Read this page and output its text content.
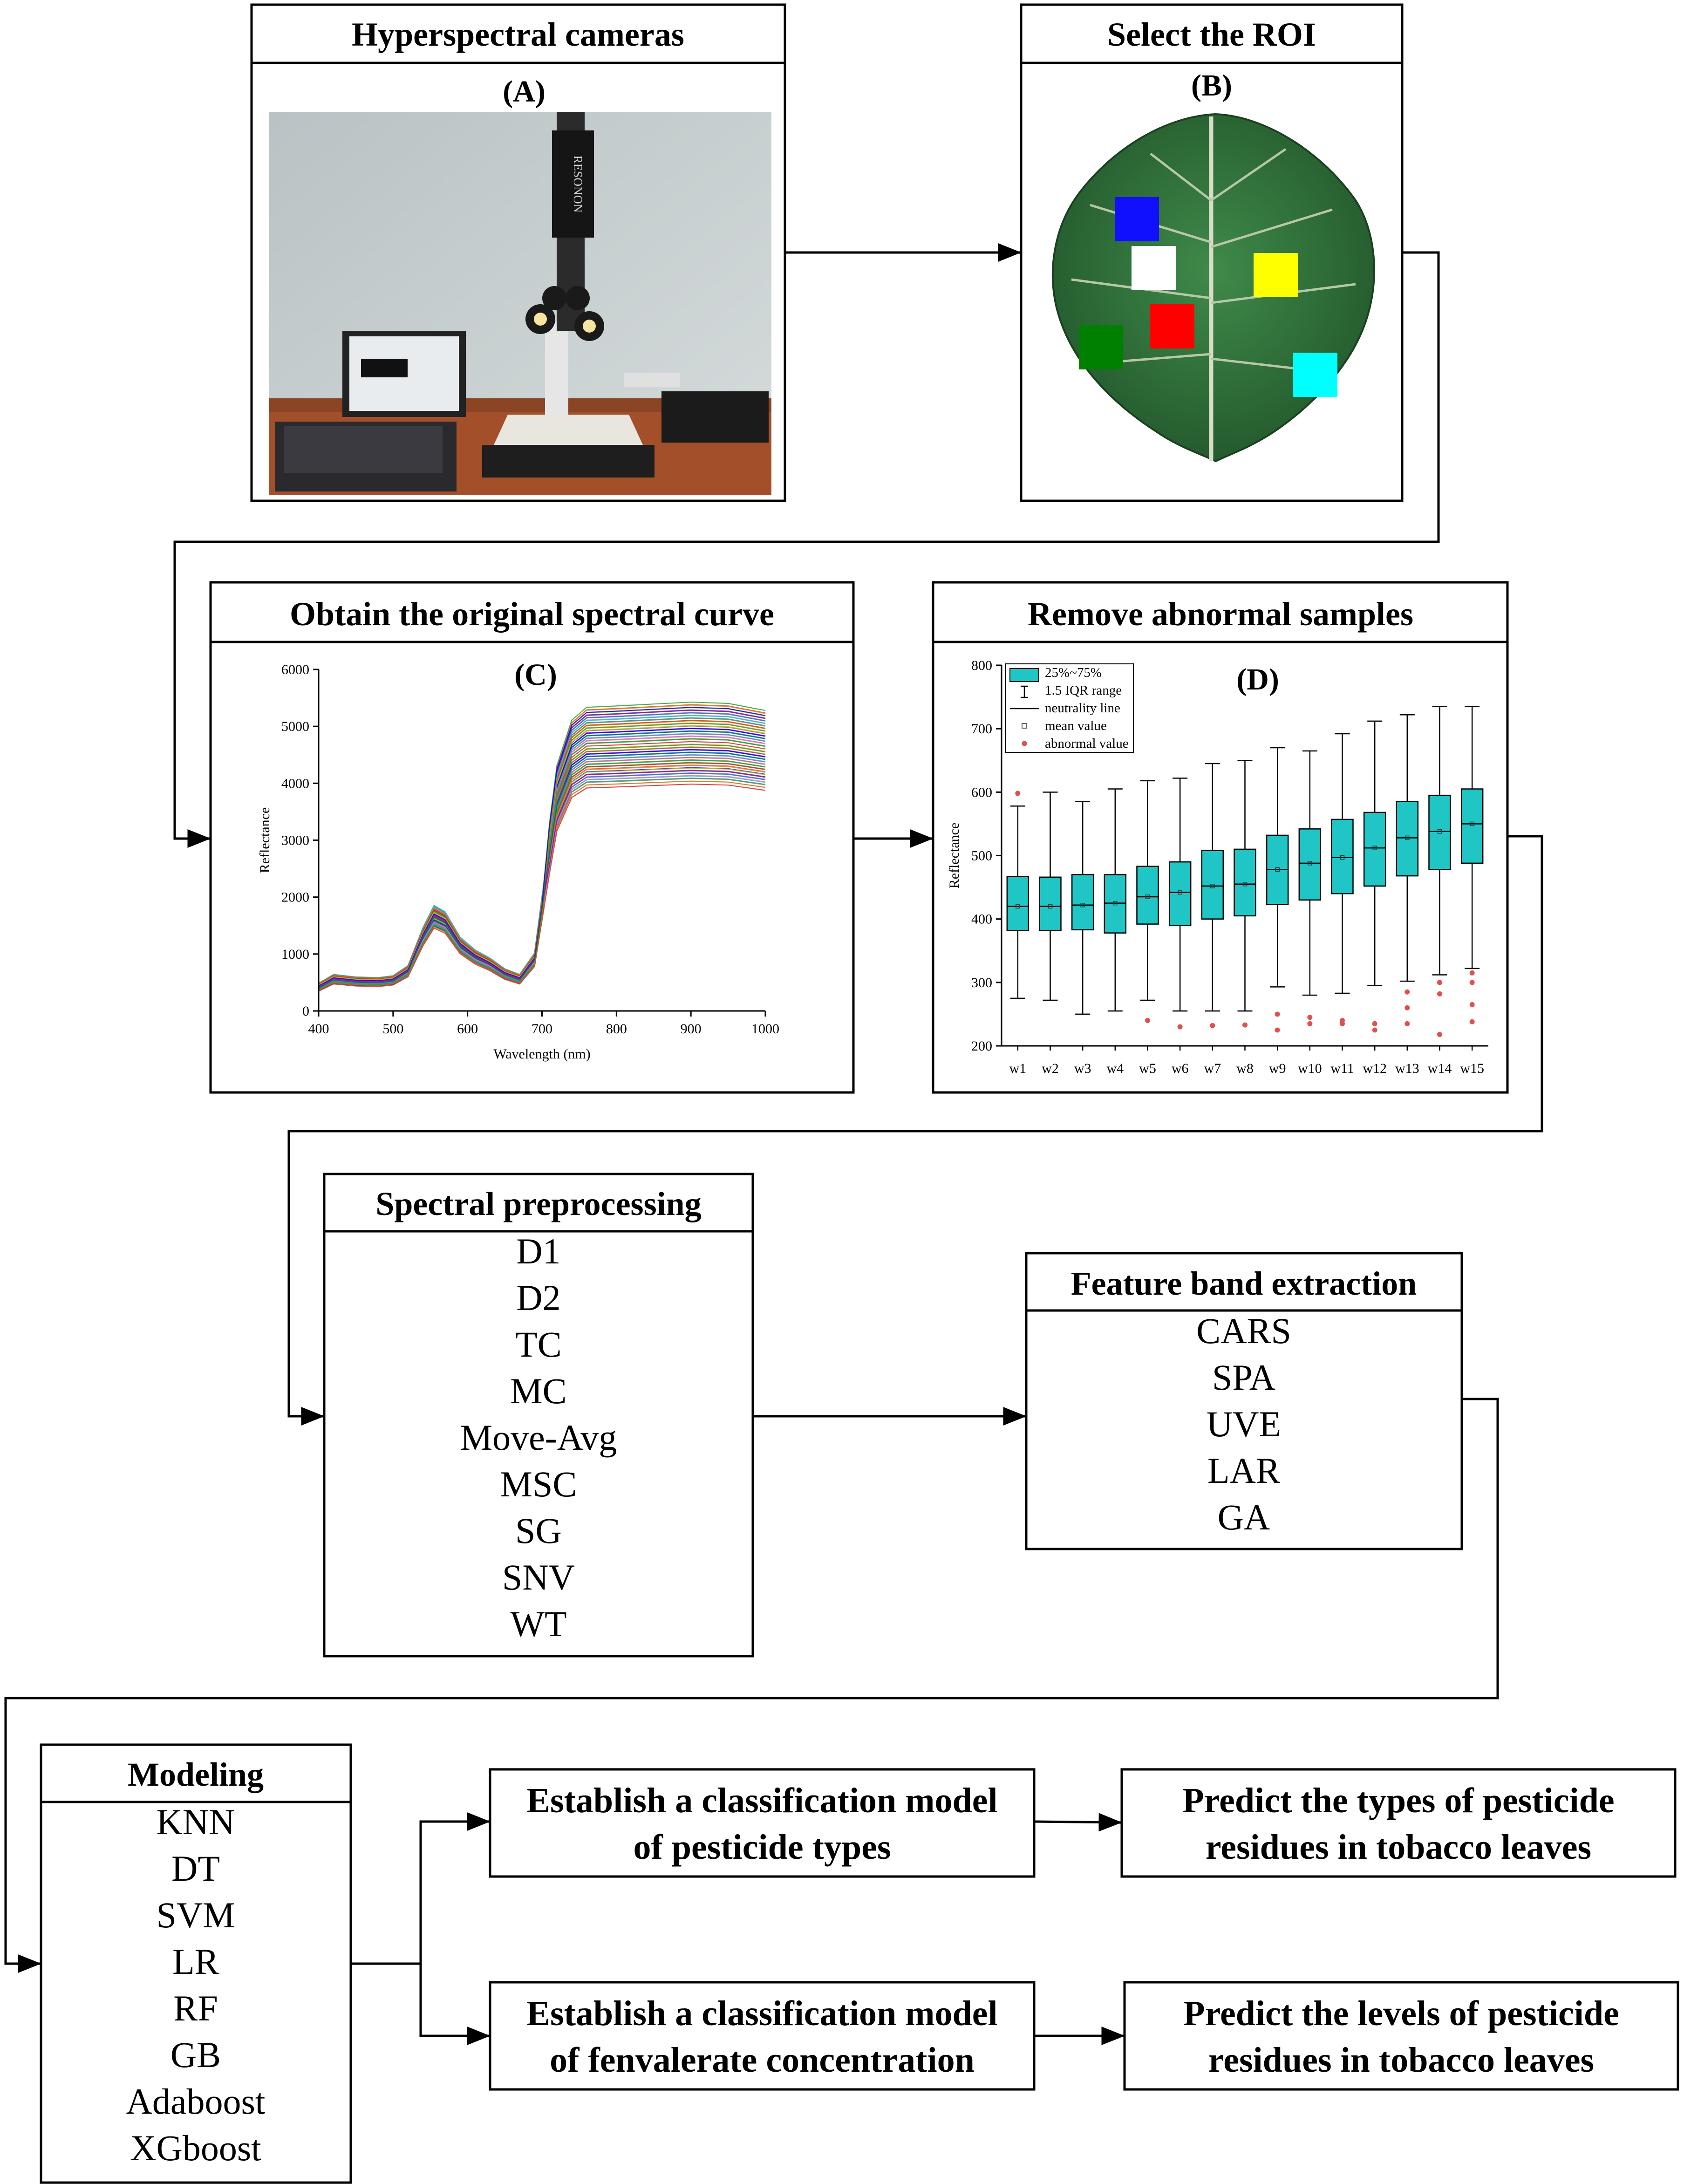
Hyperspectral cameras
(A)
RESONON
Select the ROI
(B)
Obtain the original spectral curve
(C)
400	500	600	700	800	900	1000
0
1000
2000
3000
4000
5000
6000
Wavelength (nm)
Reflectance
Remove abnormal samples
(D)
w1 w2 w3 w4 w5 w6 w7 w8 w9 w10 w11 w12 w13 w14 w15
200
300
400
500
600
700
800
Reflectance
25%~75%
1.5 IQR range
neutrality line
mean value
abnormal value
Spectral preprocessing
D1
D2
TC
MC
Move-Avg
MSC
SG
SNV
WT
Feature band extraction
CARS
SPA
UVE
LAR
GA
Modeling
KNN
DT
SVM
LR
RF
GB
Adaboost
XGboost
Establish a classification model
of pesticide types
Establish a classification model
of fenvalerate concentration
Predict the types of pesticide
residues in tobacco leaves
Predict the levels of pesticide
residues in tobacco leaves
